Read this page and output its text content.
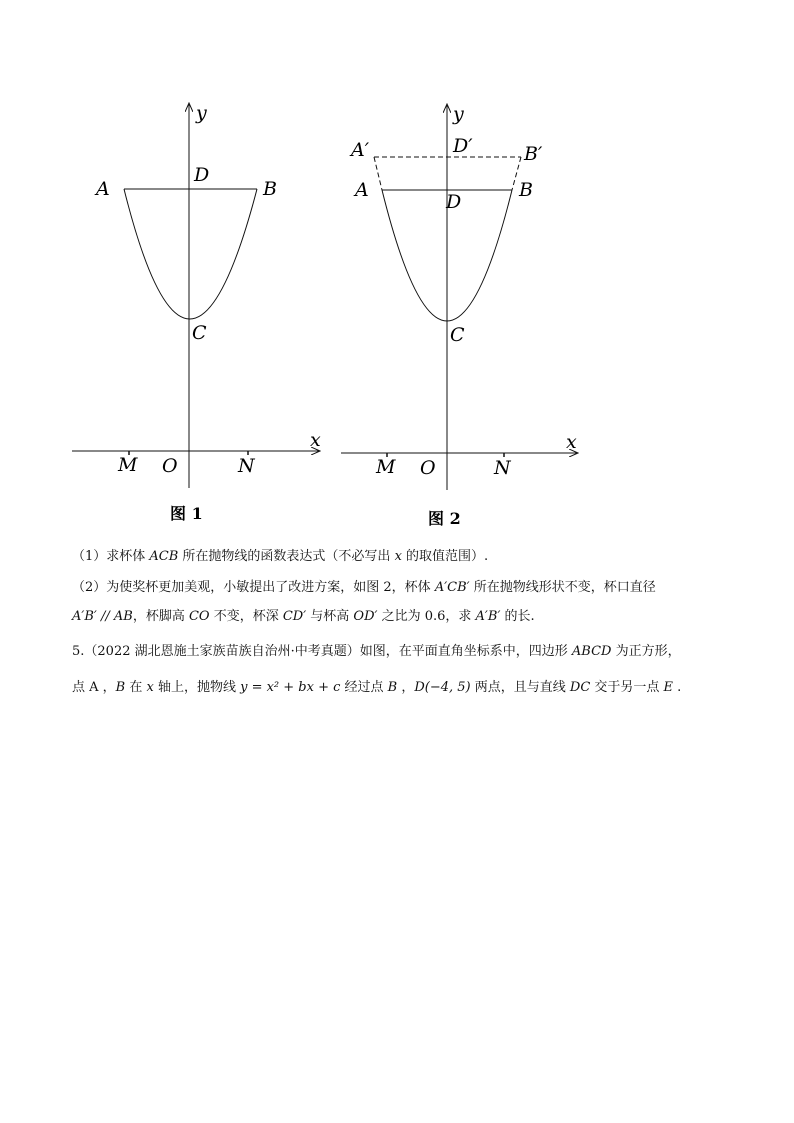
y
A
D
B
C
x
M O	N
图 1
y
A′	D′	B′
A	B
D
C
x
M O	N
图 2
（1）求杯体 ACB 所在抛物线的函数表达式（不必写出 x 的取值范围）.
（2）为使奖杯更加美观，小敏提出了改进方案，如图 2，杯体 A′CB′ 所在抛物线形状不变，杯口直径
A′B′ // AB，杯脚高 CO 不变，杯深 CD′ 与杯高 OD′ 之比为 0.6，求 A′B′ 的长.
5.（2022 湖北恩施土家族苗族自治州·中考真题）如图，在平面直角坐标系中，四边形 ABCD 为正方形，
点 A ，B 在 x 轴上，抛物线 y = x² + bx + c 经过点 B ，D(−4, 5) 两点，且与直线 DC 交于另一点 E .
